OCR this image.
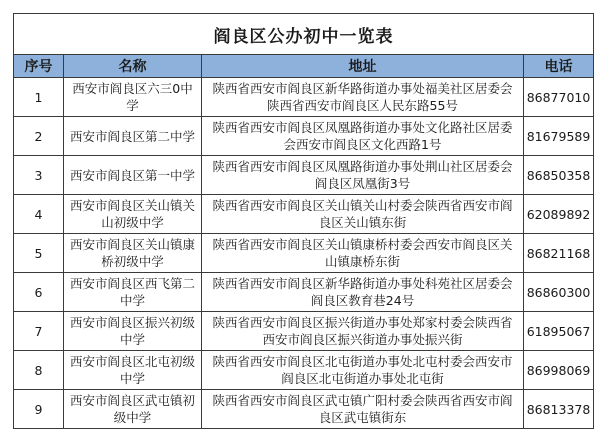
阎良区公办初中一览表			
序号	名称	地址	电话
1	西安市阎良区六三0中学	陕西省西安市阎良区新华路街道办事处福美社区居委会陕西省西安市阎良区人民东路55号	86877010
2	西安市阎良区第二中学	陕西省西安市阎良区凤凰路街道办事处文化路社区居委会西安市阎良区文化西路1号	81679589
3	西安市阎良区第一中学	陕西省西安市阎良区凤凰路街道办事处荆山社区居委会阎良区凤凰街3号	86850358
4	西安市阎良区关山镇关山初级中学	陕西省西安市阎良区关山镇关山村委会陕西省西安市阎良区关山镇东街	62089892
5	西安市阎良区关山镇康桥初级中学	陕西省西安市阎良区关山镇康桥村委会西安市阎良区关山镇康桥东街	86821168
6	西安市阎良区西飞第二中学	陕西省西安市阎良区新华路街道办事处科苑社区居委会阎良区教育巷24号	86860300
7	西安市阎良区振兴初级中学	陕西省西安市阎良区振兴街道办事处郑家村委会陕西省西安市阎良区振兴街道办事处振兴街	61895067
8	西安市阎良区北屯初级中学	陕西省西安市阎良区北屯街道办事处北屯村委会西安市阎良区北屯街道办事处北屯街	86998069
9	西安市阎良区武屯镇初级中学	陕西省西安市阎良区武屯镇广阳村委会陕西省西安市阎良区武屯镇街东	86813378
